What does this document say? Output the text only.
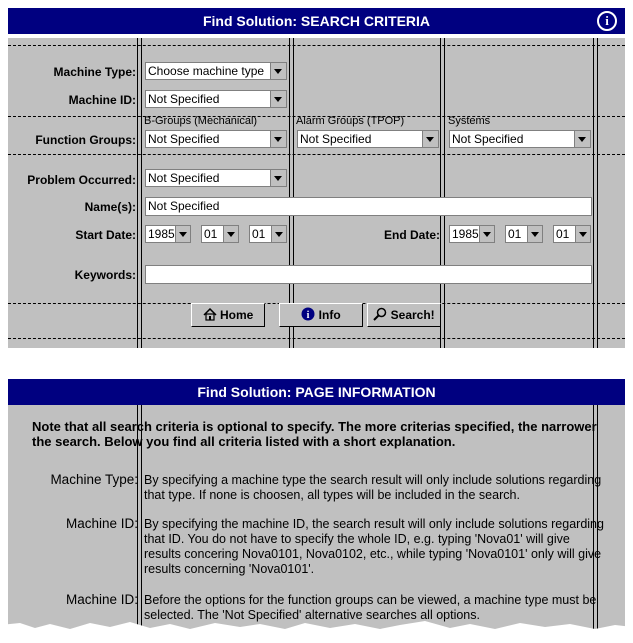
Find Solution: SEARCH CRITERIA	i
Machine Type: Choose machine type
Machine ID: Not Specified
B-Groups (Mechanical)	Alarm Groups (TPOP)	Systems
Function Groups: Not Specified	Not Specified	Not Specified
Problem Occurred: Not Specified
Name(s): Not Specified
Start Date: 1985	01	01	End Date: 1985	01	01
Keywords:
Home	i Info	Search!
Find Solution: PAGE INFORMATION
Note that all search criteria is optional to specify. The more criterias specified, the narrower the search. Below you find all criteria listed with a short explanation.
Machine Type: By specifying a machine type the search result will only include solutions regarding that type. If none is choosen, all types will be included in the search.
Machine ID: By specifying the machine ID, the search result will only include solutions regarding that ID. You do not have to specify the whole ID, e.g. typing 'Nova01' will give results concering Nova0101, Nova0102, etc., while typing 'Nova0101' only will give results concerning 'Nova0101'.
Machine ID: Before the options for the function groups can be viewed, a machine type must be selected. The 'Not Specified' alternative searches all options.
